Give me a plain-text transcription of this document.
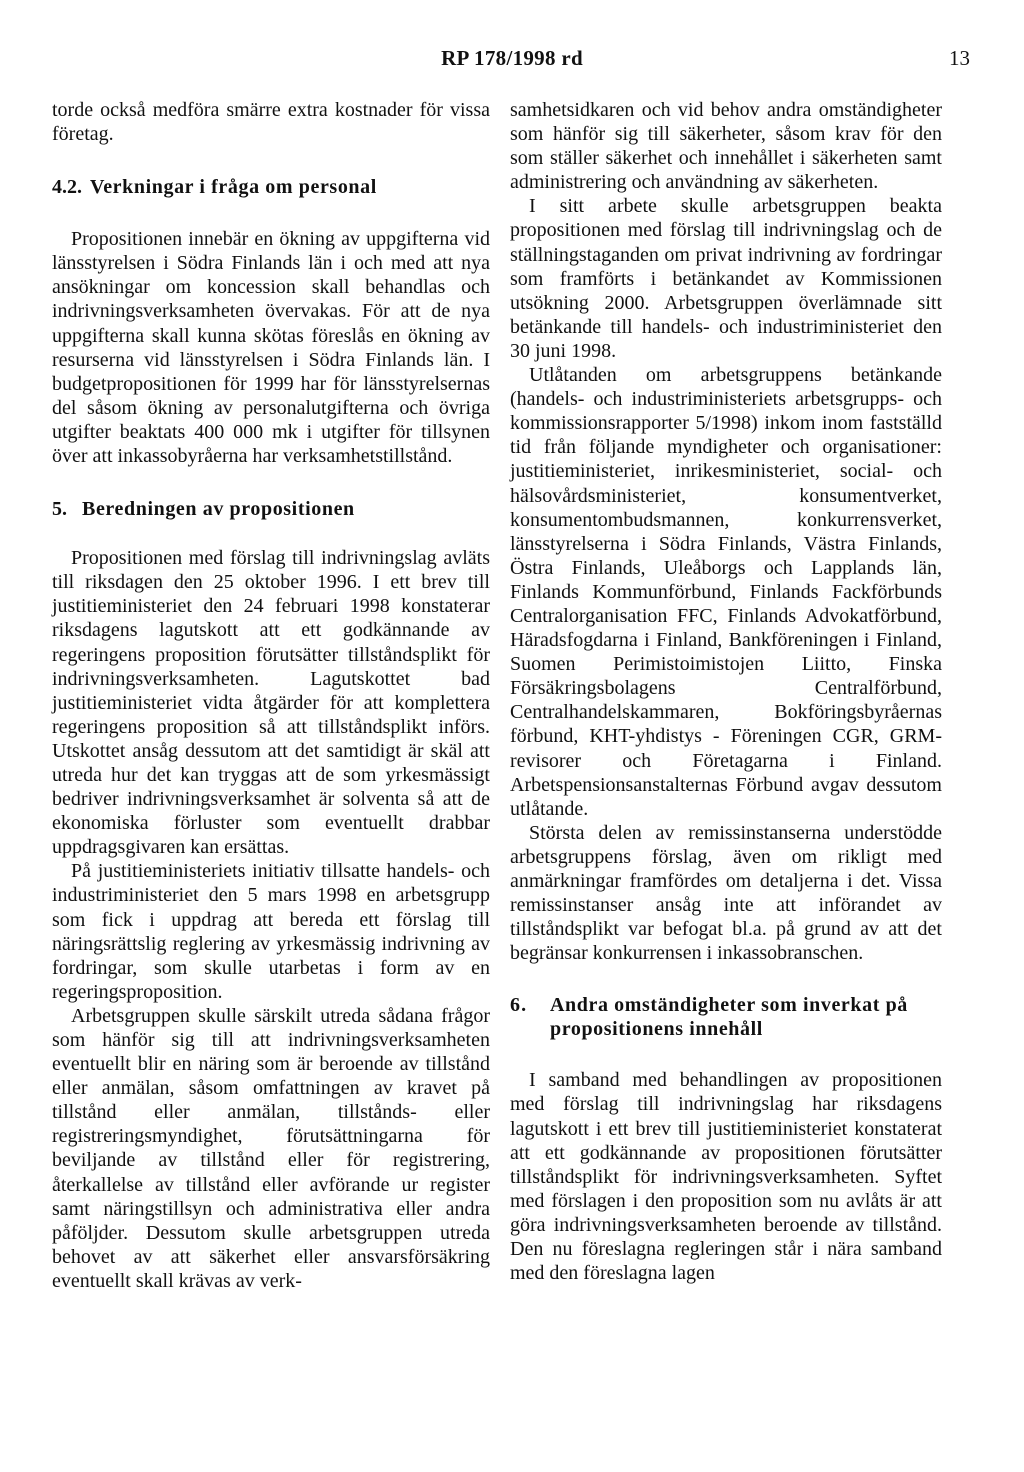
RP 178/1998 rd	13

torde också medföra smärre extra kostnader för vissa företag.

4.2. Verkningar i fråga om personal

Propositionen innebär en ökning av uppgifterna vid länsstyrelsen i Södra Finlands län i och med att nya ansökningar om koncession skall behandlas och indrivningsverksamheten övervakas. För att de nya uppgifterna skall kunna skötas föreslås en ökning av resurserna vid länsstyrelsen i Södra Finlands län. I budgetpropositionen för 1999 har för länsstyrelsernas del såsom ökning av personalutgifterna och övriga utgifter beaktats 400 000 mk i utgifter för tillsynen över att inkassobyråerna har verksamhetstillstånd.

5. Beredningen av propositionen

Propositionen med förslag till indrivningslag avläts till riksdagen den 25 oktober 1996. I ett brev till justitieministeriet den 24 februari 1998 konstaterar riksdagens lagutskott att ett godkännande av regeringens proposition förutsätter tillståndsplikt för indrivningsverksamheten. Lagutskottet bad justitieministeriet vidta åtgärder för att komplettera regeringens proposition så att tillståndsplikt införs. Utskottet ansåg dessutom att det samtidigt är skäl att utreda hur det kan tryggas att de som yrkesmässigt bedriver indrivningsverksamhet är solventa så att de ekonomiska förluster som eventuellt drabbar uppdragsgivaren kan ersättas.

På justitieministeriets initiativ tillsatte handels- och industriministeriet den 5 mars 1998 en arbetsgrupp som fick i uppdrag att bereda ett förslag till näringsrättslig reglering av yrkesmässig indrivning av fordringar, som skulle utarbetas i form av en regeringsproposition.

Arbetsgruppen skulle särskilt utreda sådana frågor som hänför sig till att indrivningsverksamheten eventuellt blir en näring som är beroende av tillstånd eller anmälan, såsom omfattningen av kravet på tillstånd eller anmälan, tillstånds- eller registreringsmyndighet, förutsättningarna för beviljande av tillstånd eller för registrering, återkallelse av tillstånd eller avförande ur register samt näringstillsyn och administrativa eller andra påföljder. Dessutom skulle arbetsgruppen utreda behovet av att säkerhet eller ansvarsförsäkring eventuellt skall krävas av verk-

samhetsidkaren och vid behov andra omständigheter som hänför sig till säkerheter, såsom krav för den som ställer säkerhet och innehållet i säkerheten samt administrering och användning av säkerheten.

I sitt arbete skulle arbetsgruppen beakta propositionen med förslag till indrivningslag och de ställningstaganden om privat indrivning av fordringar som framförts i betänkandet av Kommissionen utsökning 2000. Arbetsgruppen överlämnade sitt betänkande till handels- och industriministeriet den 30 juni 1998.

Utlåtanden om arbetsgruppens betänkande (handels- och industriministeriets arbetsgrupps- och kommissionsrapporter 5/1998) inkom inom fastställd tid från följande myndigheter och organisationer: justitieministeriet, inrikesministeriet, social- och hälsovårdsministeriet, konsumentverket, konsumentombudsmannen, konkurrensverket, länsstyrelserna i Södra Finlands, Västra Finlands, Östra Finlands, Uleåborgs och Lapplands län, Finlands Kommunförbund, Finlands Fackförbunds Centralorganisation FFC, Finlands Advokatförbund, Häradsfogdarna i Finland, Bankföreningen i Finland, Suomen Perimistoimistojen Liitto, Finska Försäkringsbolagens Centralförbund, Centralhandelskammaren, Bokföringsbyråernas förbund, KHT-yhdistys - Föreningen CGR, GRM-revisorer och Företagarna i Finland. Arbetspensionsanstalternas Förbund avgav dessutom utlåtande.

Största delen av remissinstanserna understödde arbetsgruppens förslag, även om rikligt med anmärkningar framfördes om detaljerna i det. Vissa remissinstanser ansåg inte att införandet av tillståndsplikt var befogat bl.a. på grund av att det begränsar konkurrensen i inkassobranschen.

6.	Andra omständigheter som inverkat på propositionens innehåll

I samband med behandlingen av propositionen med förslag till indrivningslag har riksdagens lagutskott i ett brev till justitieministeriet konstaterat att ett godkännande av propositionen förutsätter tillståndsplikt för indrivningsverksamheten. Syftet med förslagen i den proposition som nu avlåts är att göra indrivningsverksamheten beroende av tillstånd. Den nu föreslagna regleringen står i nära samband med den föreslagna lagen
